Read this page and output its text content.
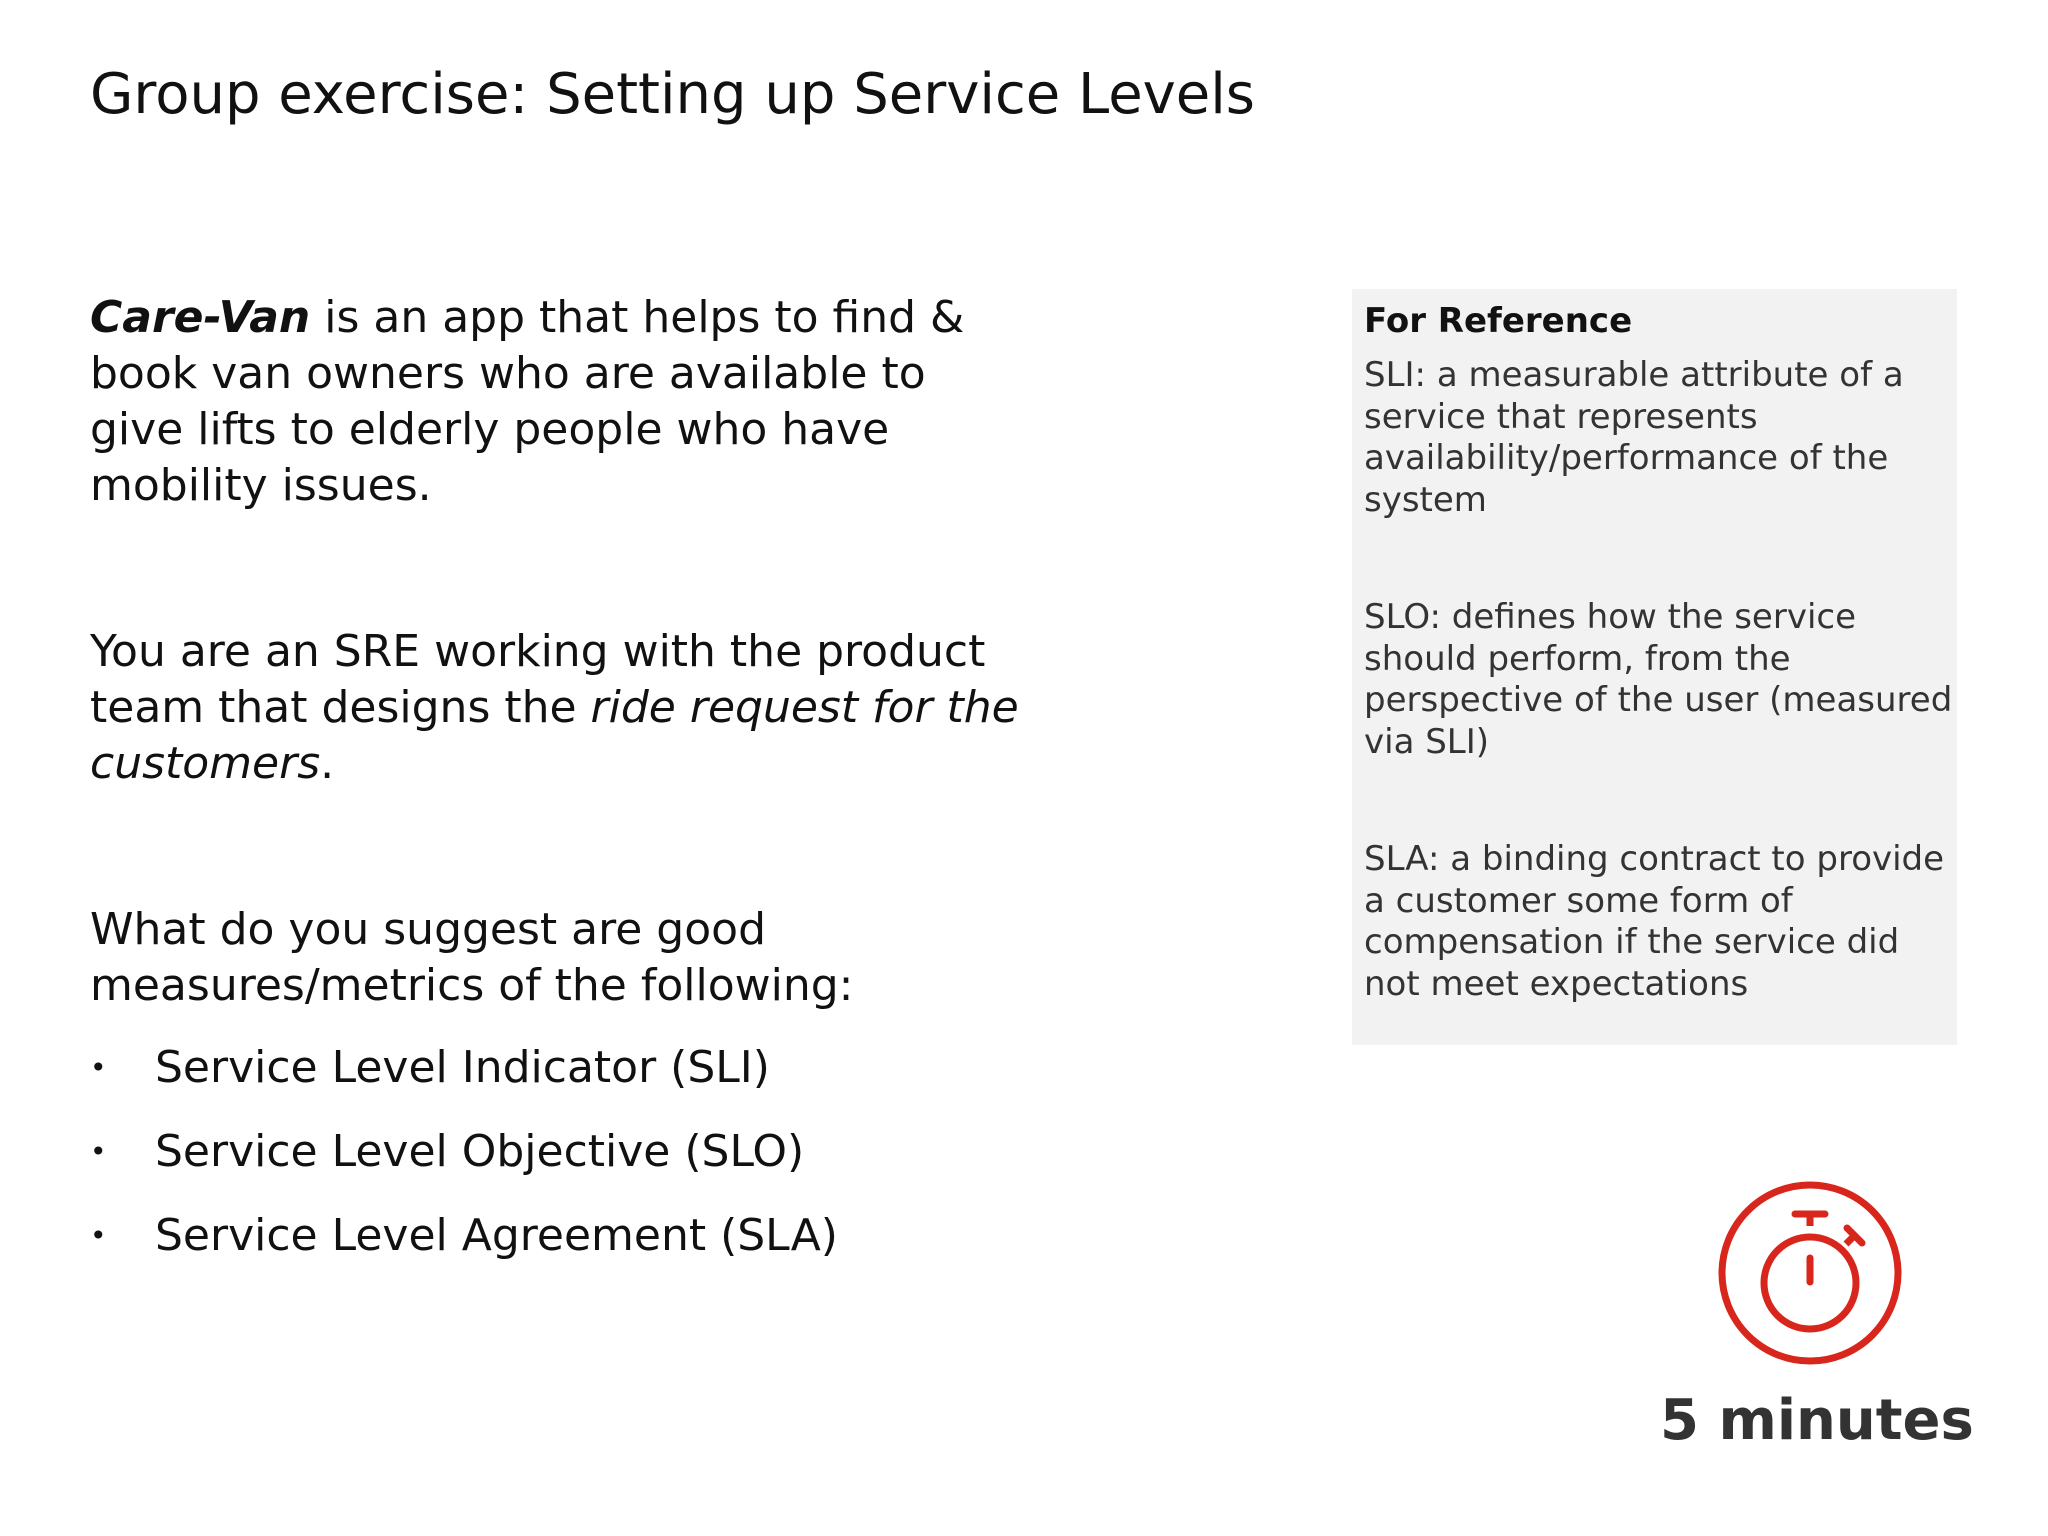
Group exercise: Setting up Service Levels

Care-Van is an app that helps to find & book van owners who are available to give lifts to elderly people who have mobility issues.

You are an SRE working with the product team that designs the ride request for the customers.

What do you suggest are good measures/metrics of the following:

• Service Level Indicator (SLI)
• Service Level Objective (SLO)
• Service Level Agreement (SLA)

For Reference

SLI: a measurable attribute of a service that represents availability/performance of the system

SLO: defines how the service should perform, from the perspective of the user (measured via SLI)

SLA: a binding contract to provide a customer some form of compensation if the service did not meet expectations

5 minutes
